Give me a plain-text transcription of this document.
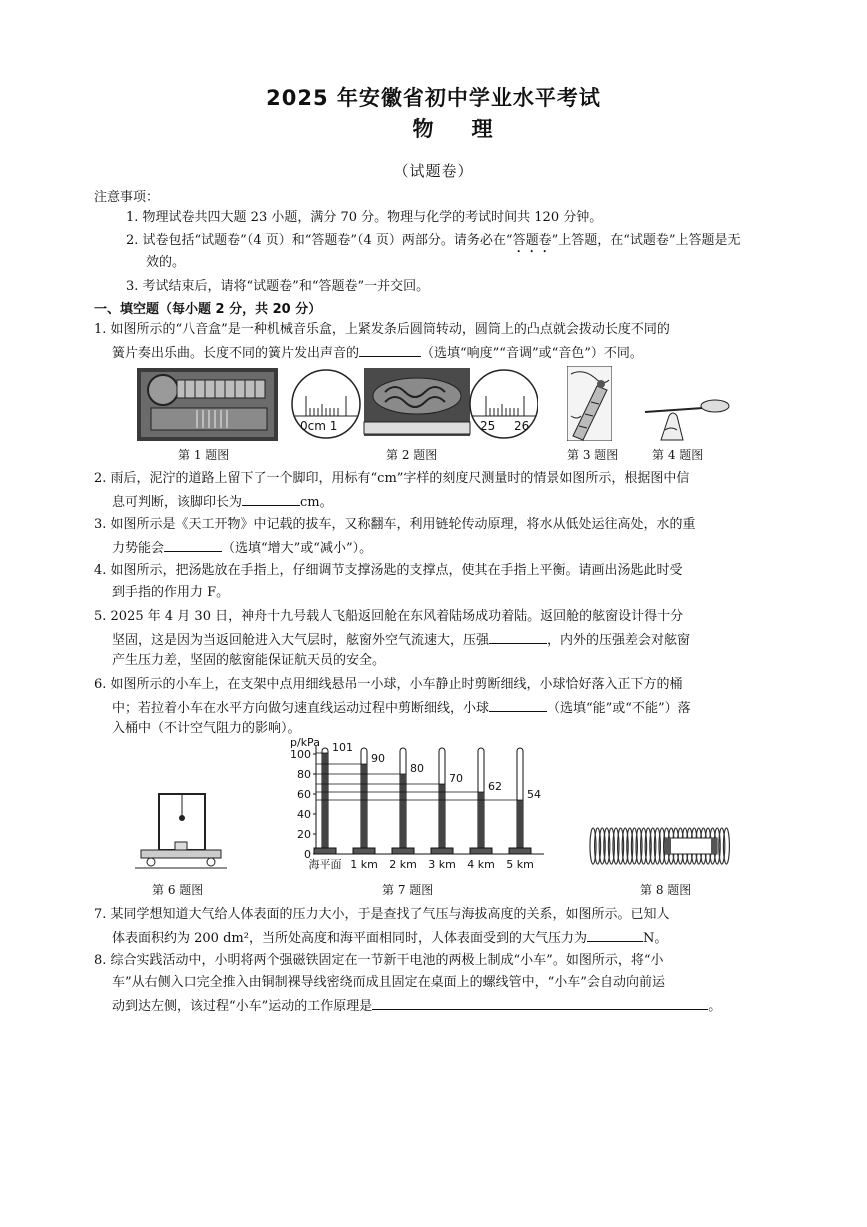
2025 年安徽省初中学业水平考试
物理
（试题卷）
注意事项：
1. 物理试卷共四大题 23 小题，满分 70 分。物理与化学的考试时间共 120 分钟。
2. 试卷包括“试题卷”（4 页）和“答题卷”（4 页）两部分。请务必在“答题卷”上答题，在“试题卷”上答题是无
效的。
3. 考试结束后，请将“试题卷”和“答题卷”一并交回。
一、填空题（每小题 2 分，共 20 分）
1. 如图所示的“八音盒”是一种机械音乐盒，上紧发条后圆筒转动，圆筒上的凸点就会拨动长度不同的
簧片奏出乐曲。长度不同的簧片发出声音的	（选填“响度”“音调”或“音色”）不同。
0cm 1	25 26
第 1 题图	第 2 题图	第 3 题图	第 4 题图
2. 雨后，泥泞的道路上留下了一个脚印，用标有“cm”字样的刻度尺测量时的情景如图所示，根据图中信
息可判断，该脚印长为	cm。
3. 如图所示是《天工开物》中记载的拔车，又称翻车，利用链轮传动原理，将水从低处运往高处，水的重
力势能会	（选填“增大”或“减小”）。
4. 如图所示，把汤匙放在手指上，仔细调节支撑汤匙的支撑点，使其在手指上平衡。请画出汤匙此时受
到手指的作用力 F。
5. 2025 年 4 月 30 日，神舟十九号载人飞船返回舱在东风着陆场成功着陆。返回舱的舷窗设计得十分
坚固，这是因为当返回舱进入大气层时，舷窗外空气流速大，压强	，内外的压强差会对舷窗
产生压力差，坚固的舷窗能保证航天员的安全。
6. 如图所示的小车上，在支架中点用细线悬吊一小球，小车静止时剪断细线，小球恰好落入正下方的桶
中；若拉着小车在水平方向做匀速直线运动过程中剪断细线，小球	（选填“能”或“不能”）落
入桶中（不计空气阻力的影响）。
p/kPa
0
20
40
60
80
100
101
90
80
70
62
54
海平面 1 km 2 km 3 km 4 km 5 km
第 6 题图	第 7 题图	第 8 题图
7. 某同学想知道大气给人体表面的压力大小，于是查找了气压与海拔高度的关系，如图所示。已知人
体表面积约为 200 dm²，当所处高度和海平面相同时，人体表面受到的大气压力为	N。
8. 综合实践活动中，小明将两个强磁铁固定在一节新干电池的两极上制成“小车”。如图所示，将“小
车”从右侧入口完全推入由铜制裸导线密绕而成且固定在桌面上的螺线管中，“小车”会自动向前运
动到达左侧，该过程“小车”运动的工作原理是	。
